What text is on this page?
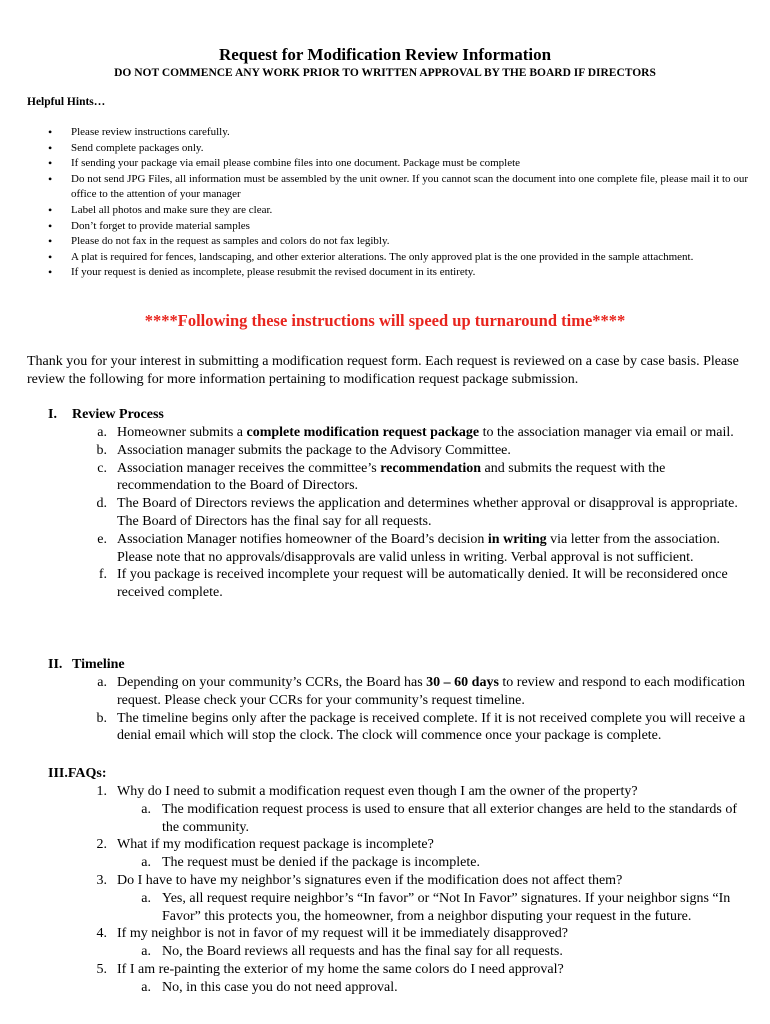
Request for Modification Review Information
DO NOT COMMENCE ANY WORK PRIOR TO WRITTEN APPROVAL BY THE BOARD IF DIRECTORS
Helpful Hints…
• Please review instructions carefully.
• Send complete packages only.
• If sending your package via email please combine files into one document. Package must be complete
• Do not send JPG Files, all information must be assembled by the unit owner. If you cannot scan the document into one complete file, please mail it to our office to the attention of your manager
• Label all photos and make sure they are clear.
• Don’t forget to provide material samples
• Please do not fax in the request as samples and colors do not fax legibly.
• A plat is required for fences, landscaping, and other exterior alterations. The only approved plat is the one provided in the sample attachment.
• If your request is denied as incomplete, please resubmit the revised document in its entirety.
****Following these instructions will speed up turnaround time****

Thank you for your interest in submitting a modification request form. Each request is reviewed on a case by case basis. Please review the following for more information pertaining to modification request package submission.

I. Review Process
a. Homeowner submits a complete modification request package to the association manager via email or mail.
b. Association manager submits the package to the Advisory Committee.
c. Association manager receives the committee’s recommendation and submits the request with the recommendation to the Board of Directors.
d. The Board of Directors reviews the application and determines whether approval or disapproval is appropriate. The Board of Directors has the final say for all requests.
e. Association Manager notifies homeowner of the Board’s decision in writing via letter from the association. Please note that no approvals/disapprovals are valid unless in writing. Verbal approval is not sufficient.
f. If you package is received incomplete your request will be automatically denied. It will be reconsidered once received complete.
II. Timeline
a. Depending on your community’s CCRs, the Board has 30 – 60 days to review and respond to each modification request. Please check your CCRs for your community’s request timeline.
b. The timeline begins only after the package is received complete. If it is not received complete you will receive a denial email which will stop the clock. The clock will commence once your package is complete.
III.FAQs:
1. Why do I need to submit a modification request even though I am the owner of the property?
a. The modification request process is used to ensure that all exterior changes are held to the standards of the community.
2. What if my modification request package is incomplete?
a. The request must be denied if the package is incomplete.
3. Do I have to have my neighbor’s signatures even if the modification does not affect them?
a. Yes, all request require neighbor’s “In favor” or “Not In Favor” signatures. If your neighbor signs “In Favor” this protects you, the homeowner, from a neighbor disputing your request in the future.
4. If my neighbor is not in favor of my request will it be immediately disapproved?
a. No, the Board reviews all requests and has the final say for all requests.
5. If I am re-painting the exterior of my home the same colors do I need approval?
a. No, in this case you do not need approval.
